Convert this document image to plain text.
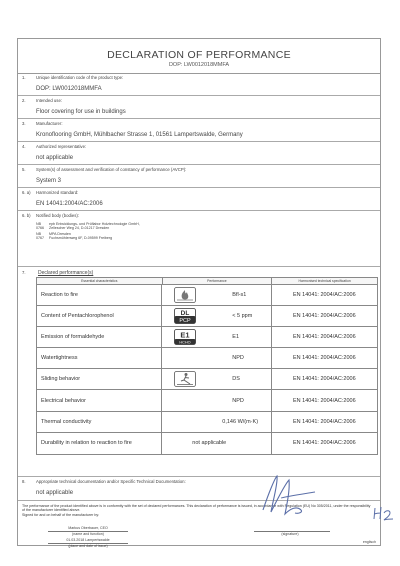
DECLARATION OF PERFORMANCE
DOP: LW0012018MMFA
1. Unique identification code of the product type:
DOP: LW0012018MMFA
2. Intended use:
Floor covering for use in buildings
3. Manufacturer:
Kronoflooring GmbH, Mühlbacher Strasse 1, 01561 Lampertswalde, Germany
4. Authorized representative:
not applicable
5. System(s) of assessment and verification of constancy of performance (AVCP):
System 3
6. a) Harmonized standard:
EN 14041:2004/AC:2006
6. b) Notified body (bodies):
NB 0766 epb Entwicklungs- und Prüflabor Holztechnologie GmbH,
Zellescher Weg 24, D-01217 Dresden
NB 0767 MPA Dresden
Fuchsmühlenweg 6F, D-09599 Freiberg
7. Declared performance(s)
Essential characteristics	Performance	Harmonised technical specification
Reaction to fire	Bfl-s1	EN 14041: 2004/AC:2006
Content of Pentachlorophenol	DL
PCP
< 5 ppm	EN 14041: 2004/AC:2006
Emission of formaldehyde	E1
HCHO
E1	EN 14041: 2004/AC:2006
Watertightness	NPD	EN 14041: 2004/AC:2006
Sliding behavior	DS	EN 14041: 2004/AC:2006
Electrical behavior	NPD	EN 14041: 2004/AC:2006
Thermal conductivity	0,146 W/(m·K)	EN 14041: 2004/AC:2006
Durability in relation to reaction to fire	not applicable	EN 14041: 2004/AC:2006
8. Appropriate technical documentation and/or Specific Technical Documentation:
not applicable
The performance of the product identified above is in conformity with the set of declared performances. This declaration of performance is issued, in accordance with Regulation (EU) No 305/2011, under the responsibility of the manufacturer identified above.
Signed for and on behalf of the manufacturer by:
Markus Oberbauer, CEO
(name and function)
01.03.2018 Lampertswalde
(place and date of issue)
(signature)
englisch
